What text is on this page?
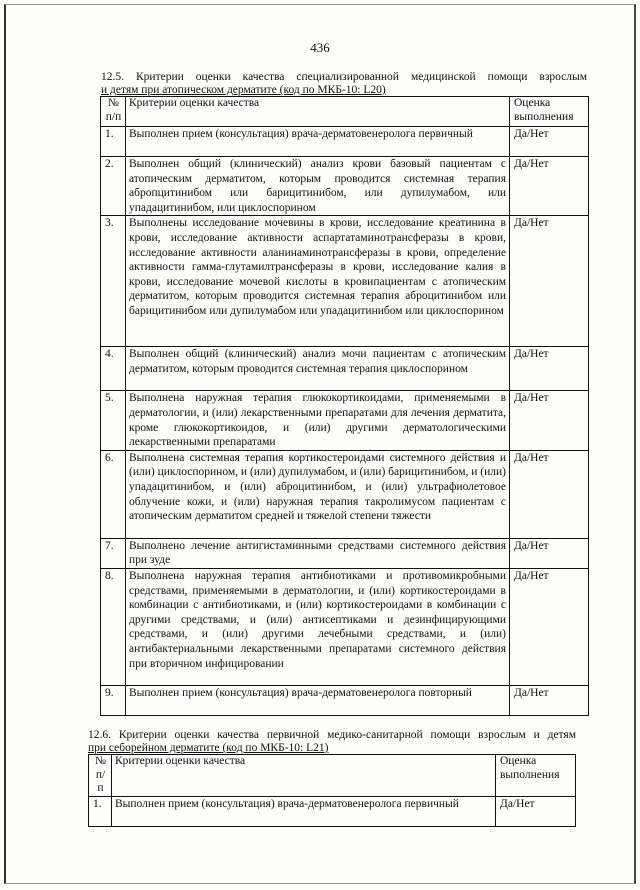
436
12.5. Критерии оценки качества специализированной медицинской помощи взрослым
и детям при атопическом дерматите (код по МКБ-10: L20)
№ п/п	Критерии оценки качества	Оценка выполнения
1.	Выполнен прием (консультация) врача-дерматовенеролога первичный	Да/Нет
2.	Выполнен общий (клинический) анализ крови базовый пациентам с атопическим дерматитом, которым проводится системная терапия абропцитинибом или барицитинибом, или дупилумабом, или упадацитинибом, или циклоспорином	Да/Нет
3.	Выполнены исследование мочевины в крови, исследование креатинина в крови, исследование активности аспартатаминотрансферазы в крови, исследование активности аланинаминотрансферазы в крови, определение активности гамма-глутамилтрансферазы в крови, исследование калия в крови, исследование мочевой кислоты в кровипациентам с атопическим дерматитом, которым проводится системная терапия аброцитинибом или барицитинибом или дупилумабом или упадацитинибом или циклоспорином	Да/Нет
4.	Выполнен общий (клинический) анализ мочи пациентам с атопическим дерматитом, которым проводится системная терапия циклоспорином	Да/Нет
5.	Выполнена наружная терапия глюкокортикоидами, применяемыми в дерматологии, и (или) лекарственными препаратами для лечения дерматита, кроме глюкокортикоидов, и (или) другими дерматологическими лекарственными препаратами	Да/Нет
6.	Выполнена системная терапия кортикостероидами системного действия и (или) циклоспорином, и (или) дупилумабом, и (или) барицитинибом, и (или) упадацитинибом, и (или) аброцитинибом, и (или) ультрафиолетовое облучение кожи, и (или) наружная терапия такролимусом пациентам с атопическим дерматитом средней и тяжелой степени тяжести	Да/Нет
7.	Выполнено лечение антигистаминными средствами системного действия при зуде	Да/Нет
8.	Выполнена наружная терапия антибиотиками и противомикробными средствами, применяемыми в дерматологии, и (или) кортикостероидами в комбинации с антибиотиками, и (или) кортикостероидами в комбинации с другими средствами, и (или) антисептиками и дезинфицирующими средствами, и (или) другими лечебными средствами, и (или) антибактериальными лекарственными препаратами системного действия при вторичном инфицировании	Да/Нет
9.	Выполнен прием (консультация) врача-дерматовенеролога повторный	Да/Нет
12.6. Критерии оценки качества первичной медико-санитарной помощи взрослым и детям
при себорейном дерматите (код по МКБ-10: L21)
№ п/п	Критерии оценки качества	Оценка выполнения
1.	Выполнен прием (консультация) врача-дерматовенеролога первичный	Да/Нет
